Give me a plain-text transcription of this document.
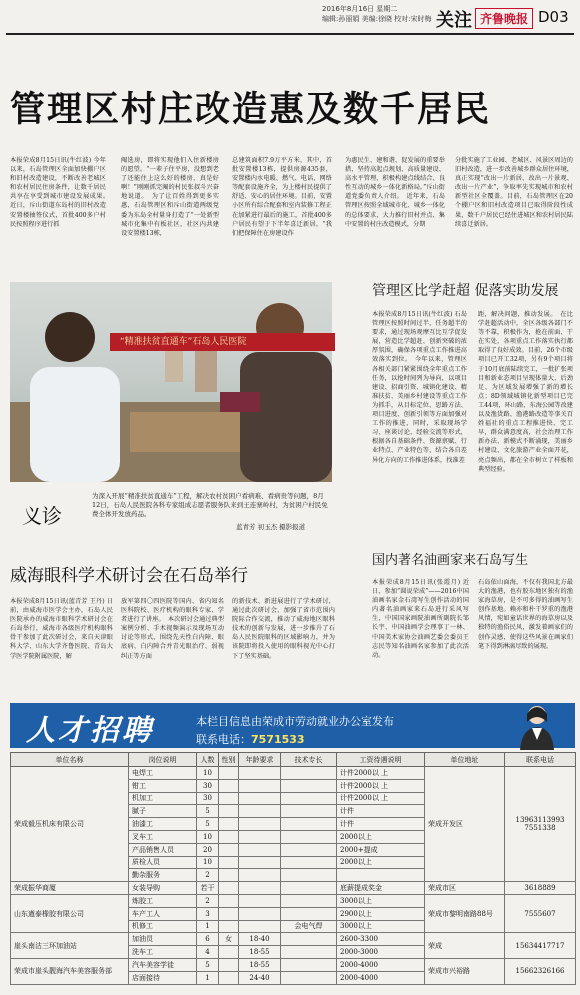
2016年8月16日 星期二
编辑:孙丽娟 美编:徐晓 校对:宋时梅 关注 齐鲁晚报 D03
管理区村庄改造惠及数千居民
本报荣成8月15日讯(牛红波) 今年以来，石岛管理区全面加快棚户区和旧村改造建设，不断改善老城区和农村居民住房条件，让数千居民共享在享受到城市建设发展成果。　近日，斥山街道东岛村的旧村改造安置楼抽签仪式，首批400多户村民按照程序进行抓
阄选房，即将实现他们入住新楼房的愿望。“一辈子住平房，没想到老了还能住上这么好的楼房，真是好啊！”刚刚抓完阄的村民张叔斗兴奋地说道。　为了让百姓得到更多实惠，石岛管理区和斥山街道两级党委为东岛全村量身打造了“一处新型城市化集中有板社区，社区内共建设安置楼13栋，
总建筑面积7.9万平方米，其中，首批安置楼13栋，提供房源435套，安置楼内水电暖、燃气、电话、网络等配套设施齐全，为上楼村民提供了舒适、安心的居住环境。目前，安置小区所有综合配套和室内装修工程正在加紧进行最后的施工，首批400多户居民有望于下半年喜迁新居。“我们把保障住在房建设作
为惠民生、建和谐、促发展的重要举措，坚持高起点规划、高质量建设、高水平管理，积极构建点线结合、良性互动的城乡一体化新格局。”斥山街道党委负责人介绍。　近年来，石岛管理区按照全域城市化、城乡一体化的总体要求，大力推行旧村并点、集中安置的村庄改造模式，分期
分批实施了工业园、老城区、风景区周边的旧村改造，进一步改善城乡群众居住环境，真正实现“改出一片新居、改出一片景观、改出一片产业”，争取率先实现城市和农村新型社区全覆盖。目前，石岛管理区在20个棚户区和旧村改造项目已取得阶段性成果，数千户居民已经住进城区和农村居民陆续喜迁新居。
“精准扶贫直通车”石岛人民医院
义诊
为深入开展“精准扶贫直通车”工程，解决农村贫困户看病难、看病贵等问题，8月12日，石岛人民医院各科专家组成志愿者服务队来到王连寨岭村，为贫困户村民免费全体开发放药品。
蓝青芳 初玉杰 摄影报道
管理区比学赶超 促落实助发展
本报荣成8月15日讯(牛红波) 石岛管理区按照时间过半，任务超半的要求，通过现场观摩互比互学促发展，营造比学超赶、创新突破的浓厚氛围，确保各项重点工作推进高效落实到位。　今年以来，管理区各相关部门紧紧围绕全年重点工作任务，以抢时间列为导向，以项目建设、招商引资、城镇化建设、精准扶贫、美丽乡村建设等重点工作为抓手，从目标定位、思路方法、项目进度、创新引领等方面加强对工作的推进，同时，采取现场学习、座谈讨论、经验交流等形式，根据各自基础条件、资源禀赋、行业特点、产业特色等，结合各自差异化方向的工作推进体系，找准差
距，解决问题，推动发展。　在比学赶超活动中，全区各级各部门不等不靠，积极作为，抢在前面、干在实处，各项重点工作落实执行都取得了良好成效。目前，26个市级项目已开工32项，另有9个项目将于10月底前陆续完工，一批扩张项目和新业态项目呈现体量大、后劲足、为区域发展增强了新的增长点；8D领域城镇化新型项目已完工44项，环山路、东海公园等改建以及渔货路、渔港路改造等事关百姓福社的重点工程推进快、完工早，群众满意度高，社会治理工作新办法、新模式不断涌现，美丽乡村建设、文化旅游产业全面开花，亮点频出，都在全市树立了样板和典型经验。
威海眼科学术研讨会在石岛举行
本报荣成8月15日讯(蓝青芳 王丹) 日前，由威海市医学会主办，石岛人民医院承办的威海市眼科学术研讨会在石岛举行，威海市各级医疗机构眼科骨干参加了此次研讨会，来自天津眼科大学、山东大学齐鲁医院、青岛大学医学院附属医院，解
放军第四〇四医院等国内、省内知名医科院校、医疗机构的眼科专家、学者进行了讲座。　本次研讨会通过典型案例分析、手术视频演示及现场互动讨论等形式，围绕先天性白内障、眼底病、白内障合并青光眼治疗、弱视纠正等方面
的新技术、新进展进行了学术研讨，通过此次研讨会，加强了省市范围内院际合作交流，推动了威海地区眼科技术的创新与发展，进一步推升了石岛人民医院眼科的区域影响力，并为该院即将投入使用的眼科视光中心打下了坚实基础。
国内著名油画家来石岛写生
本报荣成8月15日讯(张霞月) 近日，参加“圆说荣成”——2016中国油画名家金石湾写生创作活动的国内著名油画家来石岛进行采风写生，中国国家画院油画所副院长邹长宇、中国油画学会理事丁一林、中国美术家协会油画艺委会委员王志民等知名油画名家参加了此次活动。
石岛依山面海，不仅有我国北方最大的渔港，也有胶东地区独有的渔家海草房，是不可多得的油画写生创作基地。赖亦和朴干罗重的渔港风情，宛如童话世界的海草房以及独特的渔俗民风，激发着画家们的创作灵感，使得这些风景在画家们笔下得到淋漓尽致的展现。
人才招聘	本栏目信息由荣成市劳动就业办公室发布
联系电话：7571533
单位名称	岗位说明	人数	性别	年龄要求	技术专长	工资待遇说明	单位地址	联系电话
荣成毅压机床有限公司	电焊工	10				计件2000以 上	荣成开发区	13963113993
7551338
	钳工	30				计件2000以 上		
	机加工	30				计件2000以 上		
	腻子	5				计件		
	油漆工	5				计件		
	叉车工	10				2000以上		
	产品销售人员	20				2000+提成		
	质检人员	10				2000以上		
	勤杂服务	2						
荣成振华商厦	女装导购	若干				底薪提成奖金	荣成市区	3618889
山东遒泰橡胶有限公司	炼胶工	2				3000以上	荣成市黎明南路88号	7555607
	车产工人	3				2900以上		
	机修工	1			会电气焊	3000以上		
崖头南沽三环加油站	加油员	6	女	18-40		2600-3300	荣成	15634417717
	洗车工	4		18-55		2000-3000		
荣成市崖头靓海汽车美容服务部	汽车美容学徒	5		18-55		2000-4000	荣成市兴裕路	15662326166
	店面接待	1		24-40		2000-4000		
